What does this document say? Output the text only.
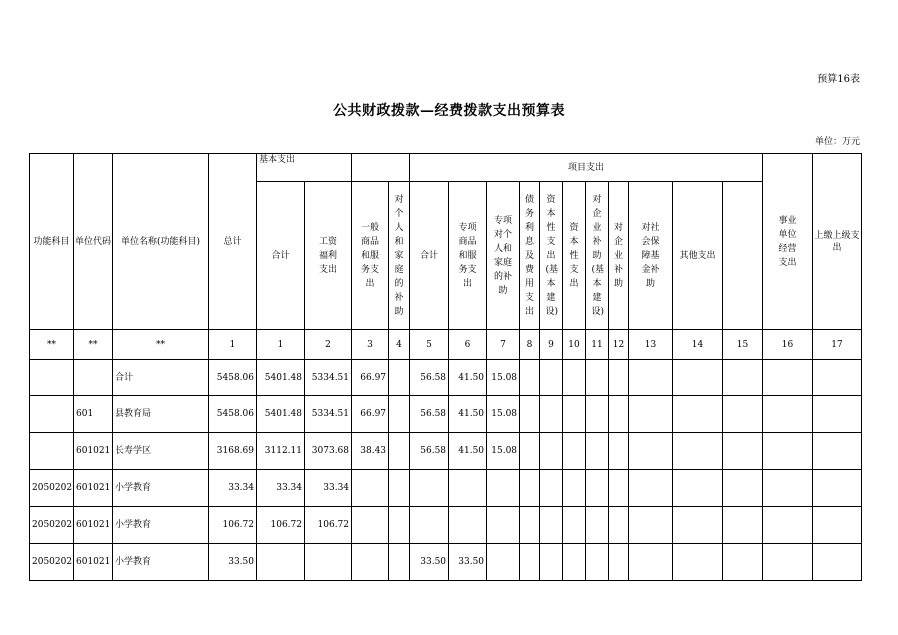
预算16表
公共财政拨款—经费拨款支出预算表
单位：万元
功能科目	单位代码	单位名称(功能科目)	总计	基本支出				项目支出											事业单位经营支出	上缴上级支出	
				合计	工资福利支出	一般商品和服务支出	对个人和家庭的补助	合计	专项商品和服务支出	专项对个人和家庭的补助	债务利息及费用支出	资本性支出(基本建设)	资本性支出	对企业补助(基本建设)	对企业补助	对社会保障基金补助	其他支出				
**	**	**	1	1	2	3	4	5	6	7	8	9	10	11	12	13	14	15	16	17	
		合计	5458.06	5401.48	5334.51	66.97		56.58	41.50	15.08											
	601	县教育局	5458.06	5401.48	5334.51	66.97		56.58	41.50	15.08											
	601021	长寿学区	3168.69	3112.11	3073.68	38.43		56.58	41.50	15.08											
2050202	601021	小学教育	33.34	33.34	33.34																
2050202	601021	小学教育	106.72	106.72	106.72																
2050202	601021	小学教育	33.50					33.50	33.50												
